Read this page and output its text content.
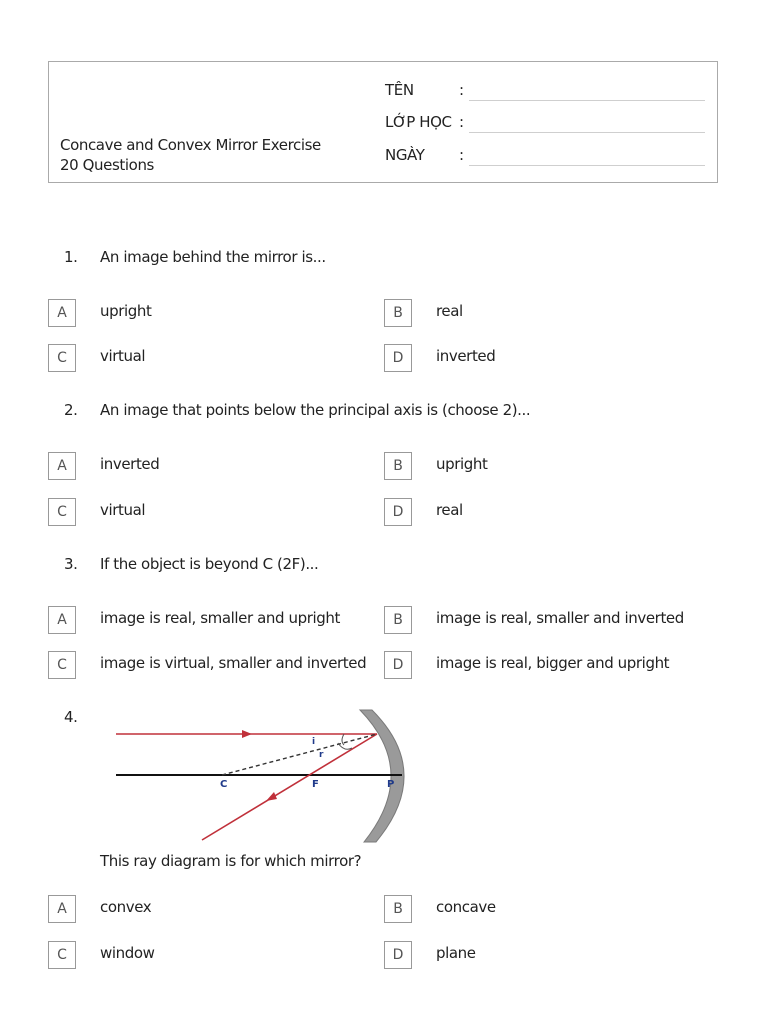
Concave and Convex Mirror Exercise
20 Questions
TÊN	:
LỚP HỌC :
NGÀY :
1. An image behind the mirror is...
A	upright	B	real
C	virtual	D	inverted
2. An image that points below the principal axis is (choose 2)...
A	inverted	B	upright
C	virtual	D	real
3. If the object is beyond C (2F)...
A	image is real, smaller and upright	B	image is real, smaller and inverted
C	image is virtual, smaller and inverted	D	image is real, bigger and upright
4.
i
r
C	F	P
This ray diagram is for which mirror?
A	convex	B	concave
C	window	D	plane
